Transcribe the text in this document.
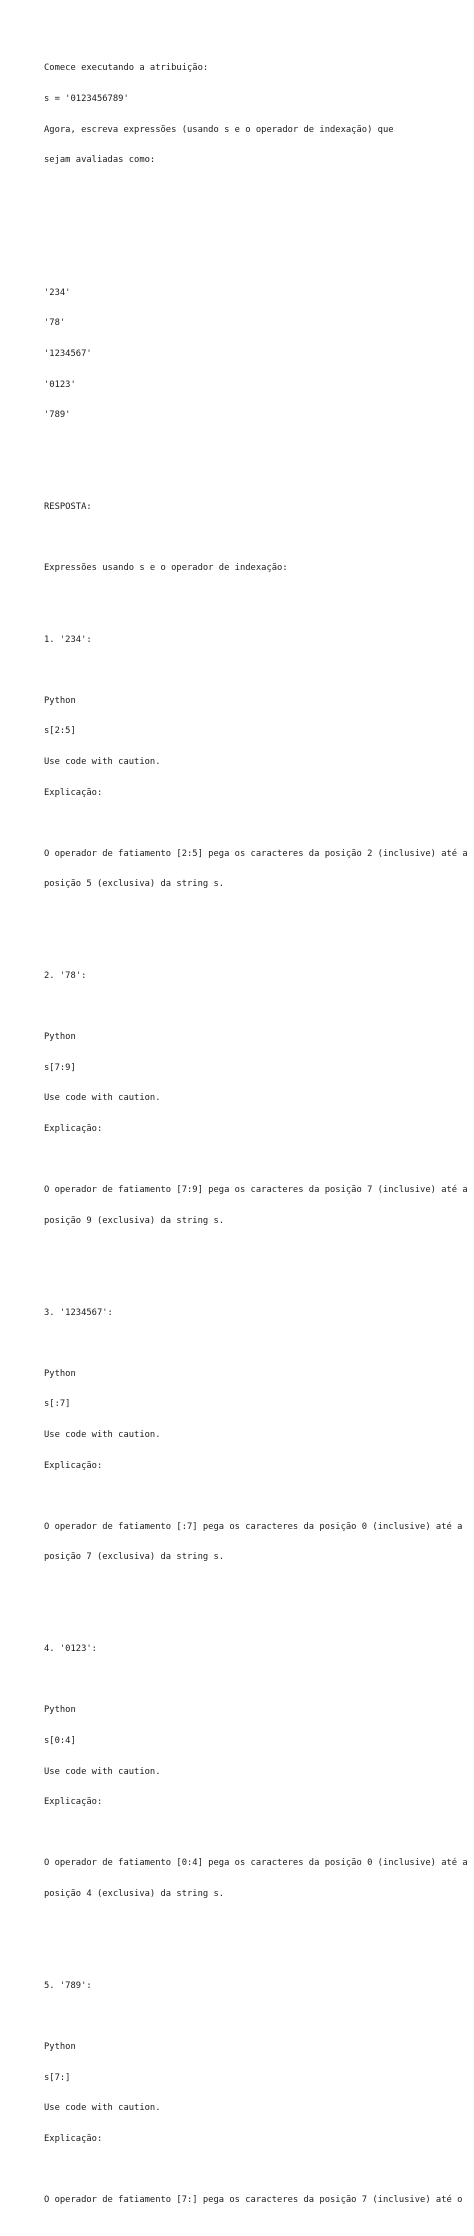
Comece executando a atribuição:

s = '0123456789'

Agora, escreva expressões (usando s e o operador de indexação) que

sejam avaliadas como:

'234'

'78'

'1234567'

'0123'

'789'

RESPOSTA:

Expressões usando s e o operador de indexação:

1. '234':

Python

s[2:5]

Use code with caution.

Explicação:

O operador de fatiamento [2:5] pega os caracteres da posição 2 (inclusive) até a

posição 5 (exclusiva) da string s.

2. '78':

Python

s[7:9]

Use code with caution.

Explicação:

O operador de fatiamento [7:9] pega os caracteres da posição 7 (inclusive) até a

posição 9 (exclusiva) da string s.

3. '1234567':

Python

s[:7]

Use code with caution.

Explicação:

O operador de fatiamento [:7] pega os caracteres da posição 0 (inclusive) até a

posição 7 (exclusiva) da string s.

4. '0123':

Python

s[0:4]

Use code with caution.

Explicação:

O operador de fatiamento [0:4] pega os caracteres da posição 0 (inclusive) até a

posição 4 (exclusiva) da string s.

5. '789':

Python

s[7:]

Use code with caution.

Explicação:

O operador de fatiamento [7:] pega os caracteres da posição 7 (inclusive) até o
